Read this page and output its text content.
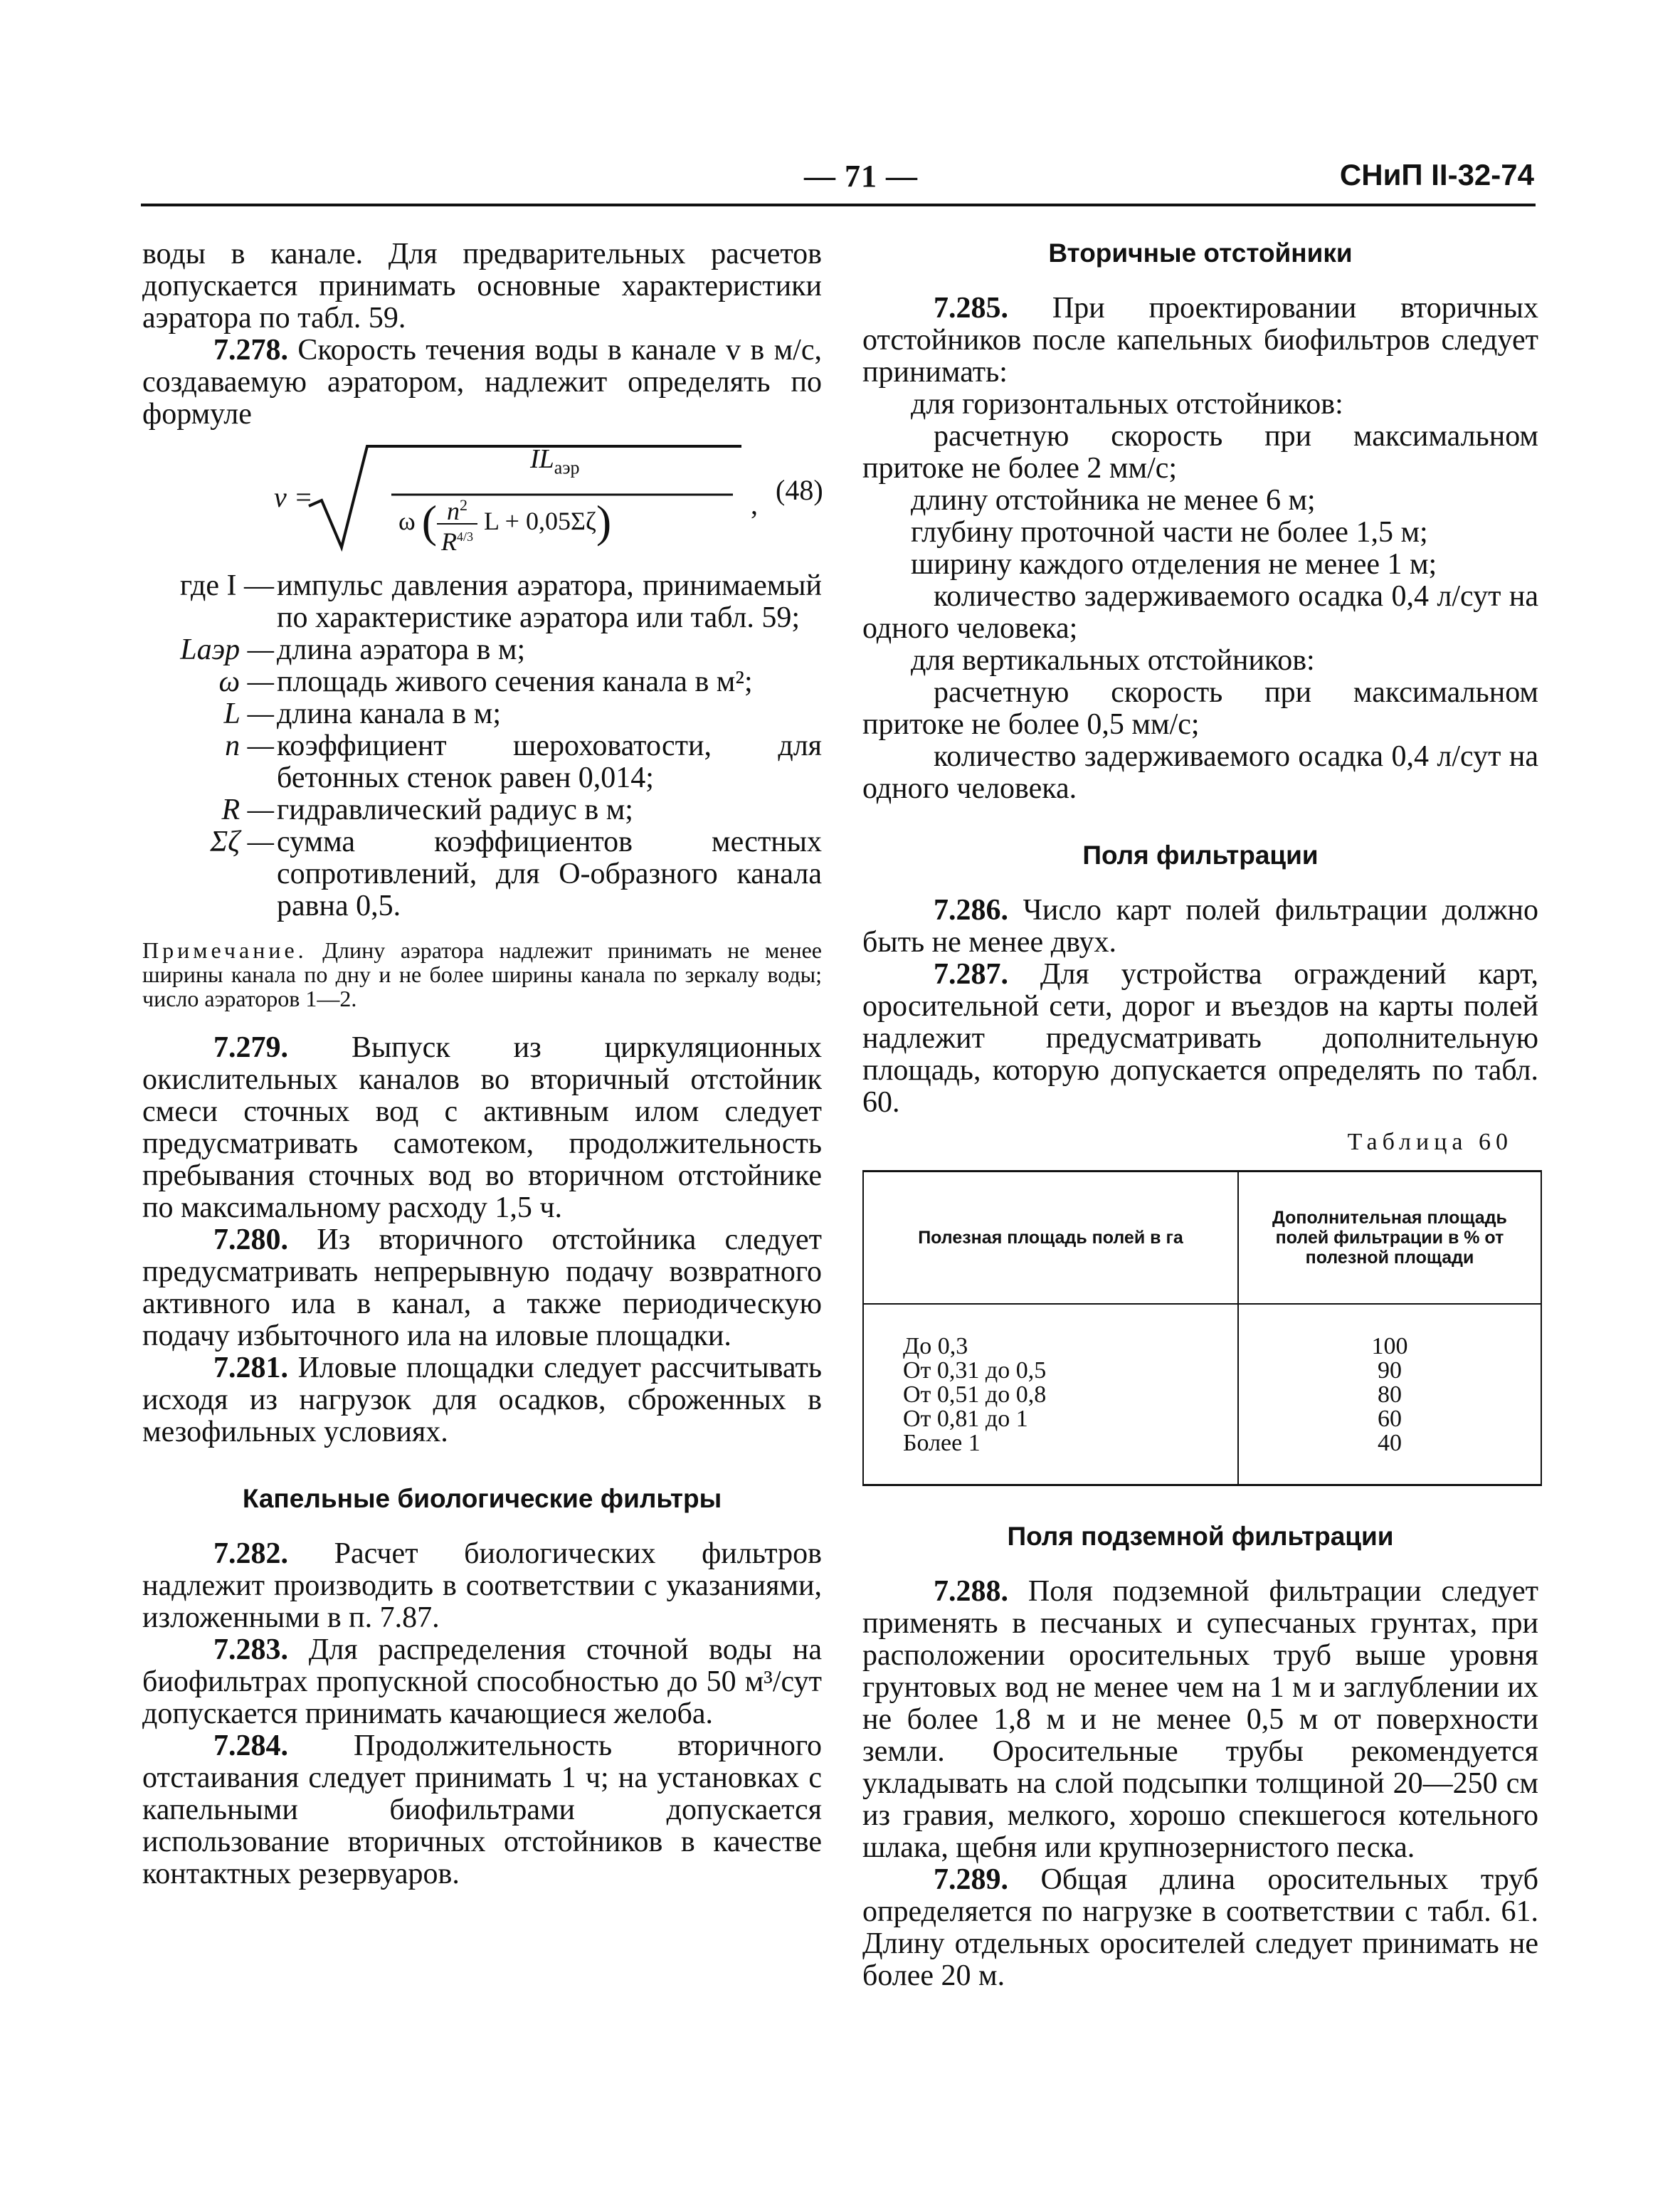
— 71 —	СНиП II-32-74

воды в канале. Для предварительных расчетов допускается принимать основные характеристики аэратора по табл. 59.

7.278. Скорость течения воды в канале v в м/с, создаваемую аэратором, надлежит определять по формуле

v =
$IL_{аэр}$
ω ( $n^2$
$R^{4/3}$ L + 0,05Σζ)	, (48)
где I — импульс давления аэратора, принимаемый по характеристике аэратора или табл. 59;
Lаэр — длина аэратора в м;
ω — площадь живого сечения канала в м²;
L — длина канала в м;
n — коэффициент шероховатости, для бетонных стенок равен 0,014;
R — гидравлический радиус в м;
Σζ — сумма коэффициентов местных сопротивлений, для О-образного канала равна 0,5.
Примечание. Длину аэратора надлежит принимать не менее ширины канала по дну и не более ширины канала по зеркалу воды; число аэраторов 1—2.

7.279. Выпуск из циркуляционных окислительных каналов во вторичный отстойник смеси сточных вод с активным илом следует предусматривать самотеком, продолжительность пребывания сточных вод во вторичном отстойнике по максимальному расходу 1,5 ч.

7.280. Из вторичного отстойника следует предусматривать непрерывную подачу возвратного активного ила в канал, а также периодическую подачу избыточного ила на иловые площадки.

7.281. Иловые площадки следует рассчитывать исходя из нагрузок для осадков, сброженных в мезофильных условиях.

Капельные биологические фильтры

7.282. Расчет биологических фильтров надлежит производить в соответствии с указаниями, изложенными в п. 7.87.

7.283. Для распределения сточной воды на биофильтрах пропускной способностью до 50 м³/сут допускается принимать качающиеся желоба.

7.284. Продолжительность вторичного отстаивания следует принимать 1 ч; на установках с капельными биофильтрами допускается использование вторичных отстойников в качестве контактных резервуаров.

Вторичные отстойники

7.285. При проектировании вторичных отстойников после капельных биофильтров следует принимать:

для горизонтальных отстойников:

расчетную скорость при максимальном притоке не более 2 мм/с;

длину отстойника не менее 6 м;
глубину проточной части не более 1,5 м;
ширину каждого отделения не менее 1 м;

количество задерживаемого осадка 0,4 л/сут на одного человека;

для вертикальных отстойников:

расчетную скорость при максимальном притоке не более 0,5 мм/с;

количество задерживаемого осадка 0,4 л/сут на одного человека.

Поля фильтрации

7.286. Число карт полей фильтрации должно быть не менее двух.

7.287. Для устройства ограждений карт, оросительной сети, дорог и въездов на карты полей надлежит предусматривать дополнительную площадь, которую допускается определять по табл. 60.

Таблица 60
Полезная площадь полей в га	Дополнительная площадь полей фильтрации в % от полезной площади
До 0,3	100
От 0,31 до 0,5	90
От 0,51 до 0,8	80
От 0,81 до 1	60
Более 1	40
Поля подземной фильтрации

7.288. Поля подземной фильтрации следует применять в песчаных и супесчаных грунтах, при расположении оросительных труб выше уровня грунтовых вод не менее чем на 1 м и заглублении их не более 1,8 м и не менее 0,5 м от поверхности земли. Оросительные трубы рекомендуется укладывать на слой подсыпки толщиной 20—250 см из гравия, мелкого, хорошо спекшегося котельного шлака, щебня или крупнозернистого песка.

7.289. Общая длина оросительных труб определяется по нагрузке в соответствии с табл. 61. Длину отдельных оросителей следует принимать не более 20 м.
